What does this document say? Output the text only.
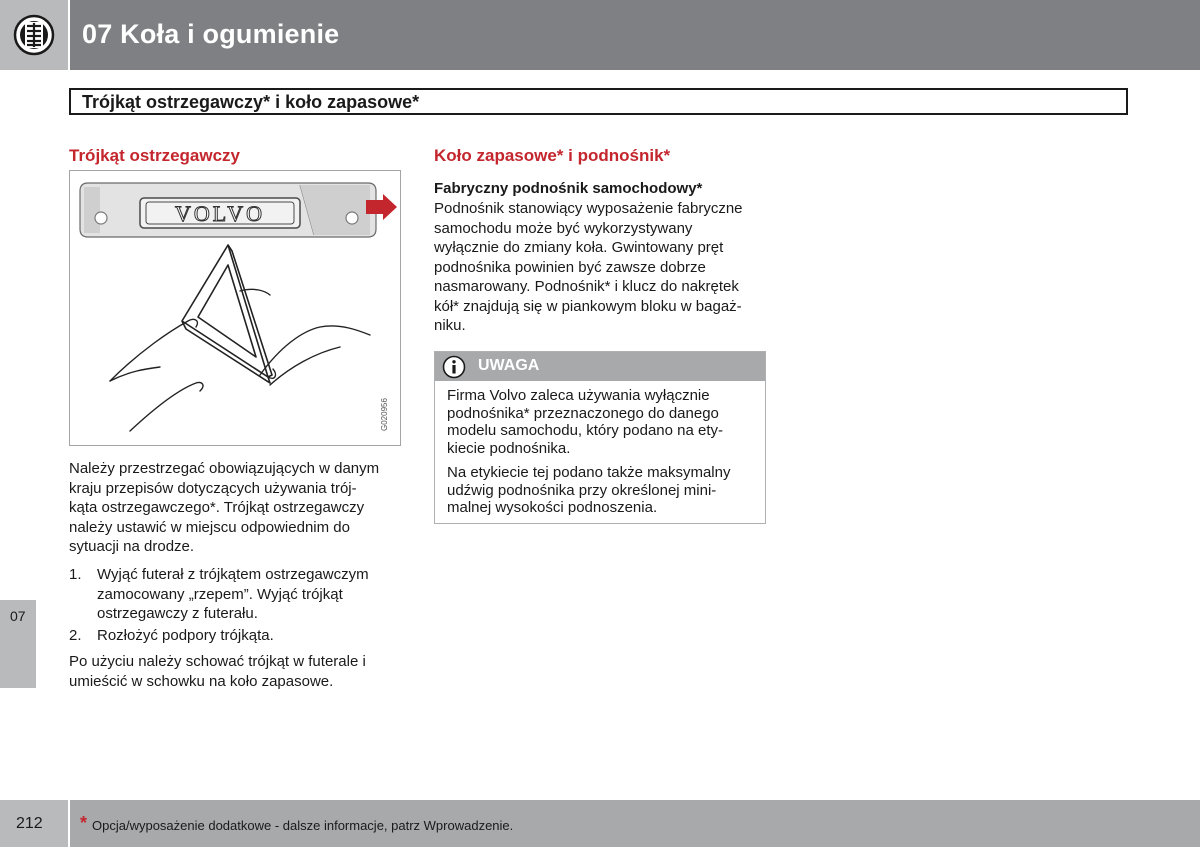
07 Koła i ogumienie
Trójkąt ostrzegawczy* i koło zapasowe*
Trójkąt ostrzegawczy
VOLVO
G020956
Należy przestrzegać obowiązujących w danym
kraju przepisów dotyczących używania trój-
kąta ostrzegawczego*. Trójkąt ostrzegawczy
należy ustawić w miejscu odpowiednim do
sytuacji na drodze.
1. Wyjąć futerał z trójkątem ostrzegawczym
zamocowany „rzepem”. Wyjąć trójkąt
ostrzegawczy z futerału.
2. Rozłożyć podpory trójkąta.
Po użyciu należy schować trójkąt w futerale i
umieścić w schowku na koło zapasowe.
Koło zapasowe* i podnośnik*
Fabryczny podnośnik samochodowy*
Podnośnik stanowiący wyposażenie fabryczne
samochodu może być wykorzystywany
wyłącznie do zmiany koła. Gwintowany pręt
podnośnika powinien być zawsze dobrze
nasmarowany. Podnośnik* i klucz do nakrętek
kół* znajdują się w piankowym bloku w bagaż-
niku.
UWAGA
Firma Volvo zaleca używania wyłącznie
podnośnika* przeznaczonego do danego
modelu samochodu, który podano na ety-
kiecie podnośnika.
Na etykiecie tej podano także maksymalny
udźwig podnośnika przy określonej mini-
malnej wysokości podnoszenia.
07
212 * Opcja/wyposażenie dodatkowe - dalsze informacje, patrz Wprowadzenie.
